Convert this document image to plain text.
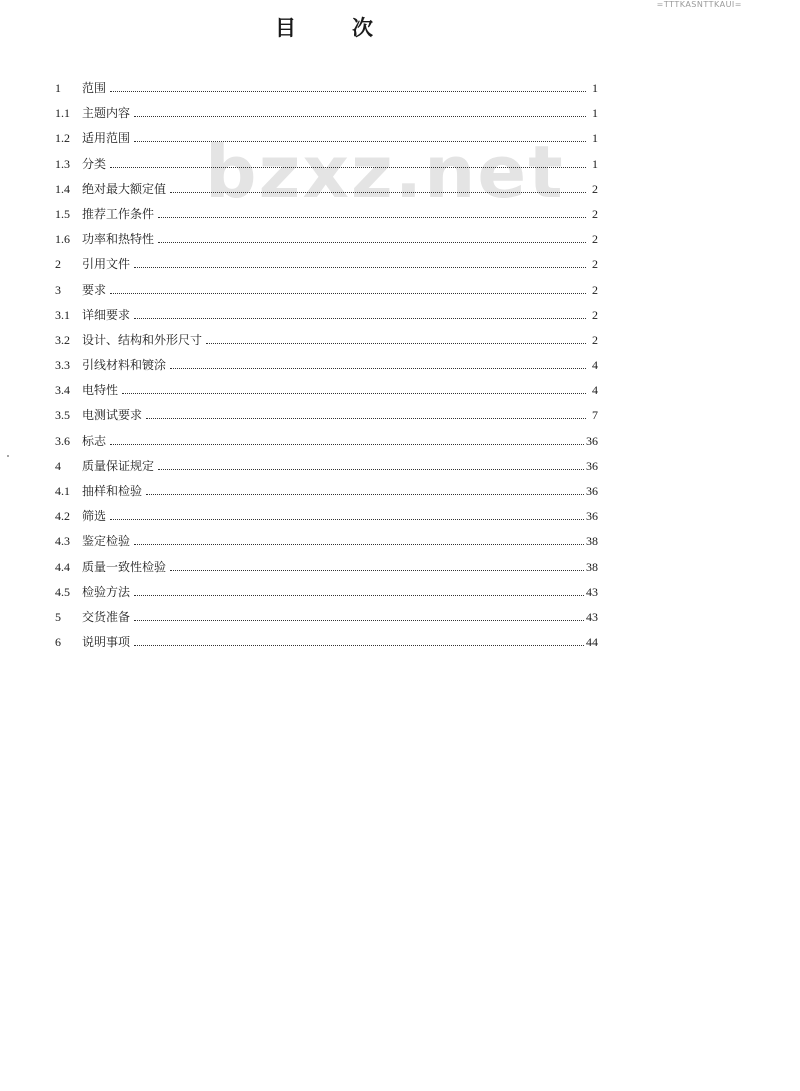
=TTTKASNTTKAUI=
目	次
bzxz.net
1	范围	1
1.1	主题内容	1
1.2	适用范围	1
1.3	分类	1
1.4	绝对最大额定值	2
1.5	推荐工作条件	2
1.6	功率和热特性	2
2	引用文件	2
3	要求	2
3.1	详细要求	2
3.2	设计、结构和外形尺寸	2
3.3	引线材料和镀涂	4
3.4	电特性	4
3.5	电测试要求	7
3.6	标志	36
4	质量保证规定	36
4.1	抽样和检验	36
4.2	筛选	36
4.3	鉴定检验	38
4.4	质量一致性检验	38
4.5	检验方法	43
5	交货准备	43
6	说明事项	44
